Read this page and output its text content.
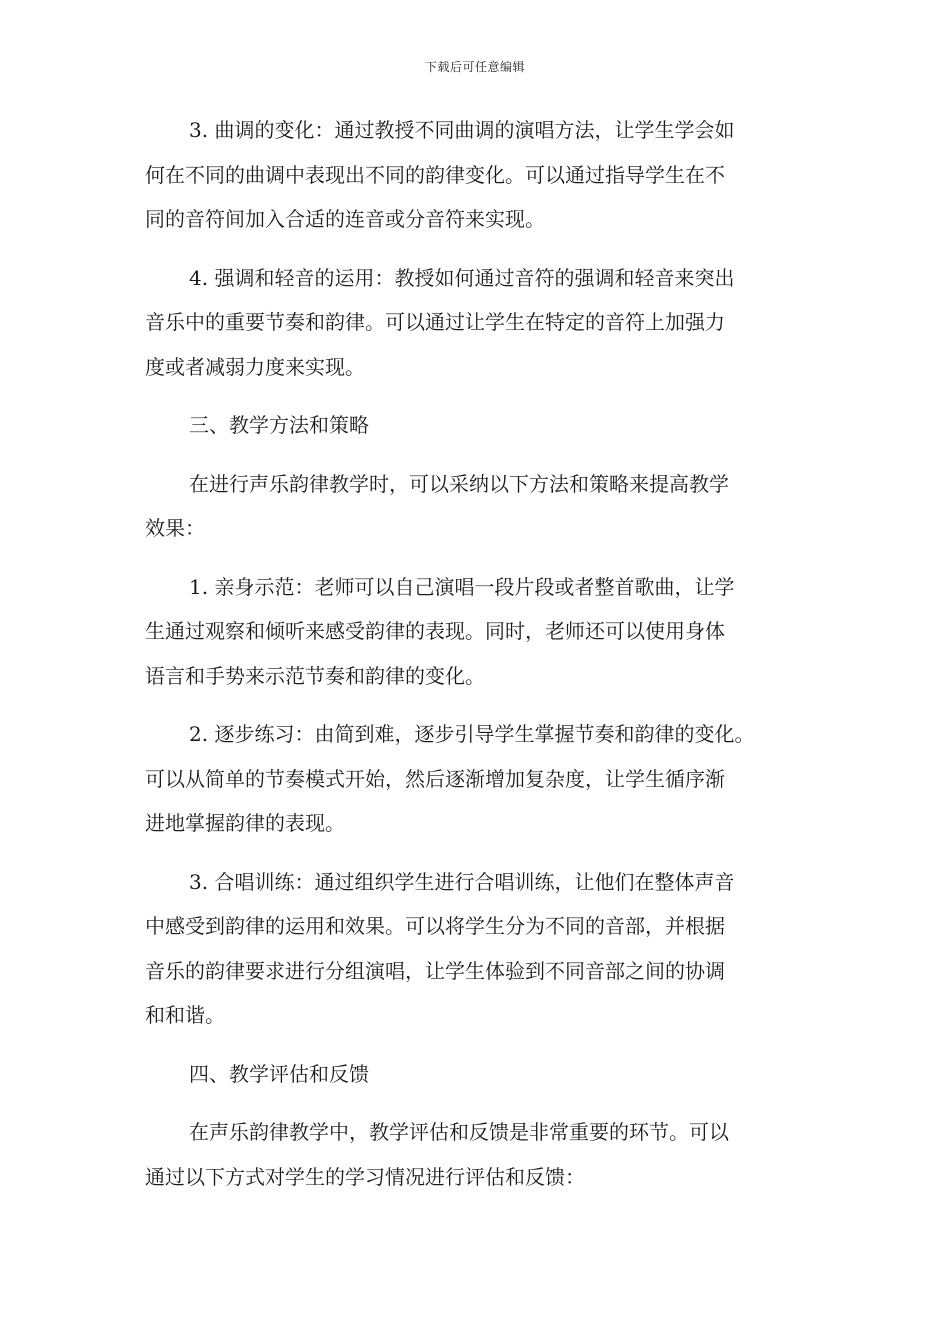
下载后可任意编辑
3. 曲调的变化：通过教授不同曲调的演唱方法，让学生学会如
何在不同的曲调中表现出不同的韵律变化。可以通过指导学生在不
同的音符间加入合适的连音或分音符来实现。
4. 强调和轻音的运用：教授如何通过音符的强调和轻音来突出
音乐中的重要节奏和韵律。可以通过让学生在特定的音符上加强力
度或者减弱力度来实现。
三、教学方法和策略
在进行声乐韵律教学时，可以采纳以下方法和策略来提高教学
效果：
1. 亲身示范：老师可以自己演唱一段片段或者整首歌曲，让学
生通过观察和倾听来感受韵律的表现。同时，老师还可以使用身体
语言和手势来示范节奏和韵律的变化。
2. 逐步练习：由简到难，逐步引导学生掌握节奏和韵律的变化。
可以从简单的节奏模式开始，然后逐渐增加复杂度，让学生循序渐
进地掌握韵律的表现。
3. 合唱训练：通过组织学生进行合唱训练，让他们在整体声音
中感受到韵律的运用和效果。可以将学生分为不同的音部，并根据
音乐的韵律要求进行分组演唱，让学生体验到不同音部之间的协调
和和谐。
四、教学评估和反馈
在声乐韵律教学中，教学评估和反馈是非常重要的环节。可以
通过以下方式对学生的学习情况进行评估和反馈：
